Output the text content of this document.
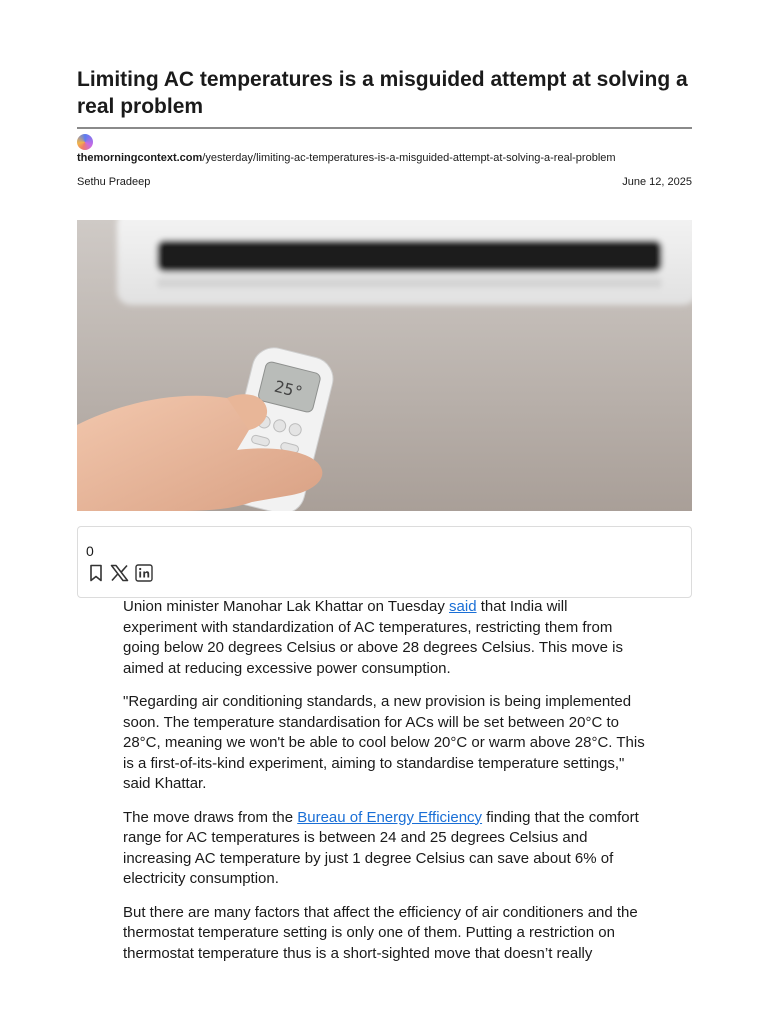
Limiting AC temperatures is a misguided attempt at solving a real problem
themorningcontext.com/yesterday/limiting-ac-temperatures-is-a-misguided-attempt-at-solving-a-real-problem
Sethu Pradeep	June 12, 2025
25°
0

Union minister Manohar Lak Khattar on Tuesday said that India will experiment with standardization of AC temperatures, restricting them from going below 20 degrees Celsius or above 28 degrees Celsius. This move is aimed at reducing excessive power consumption.

"Regarding air conditioning standards, a new provision is being implemented soon. The temperature standardisation for ACs will be set between 20°C to 28°C, meaning we won't be able to cool below 20°C or warm above 28°C. This is a first-of-its-kind experiment, aiming to standardise temperature settings," said Khattar.

The move draws from the Bureau of Energy Efficiency finding that the comfort range for AC temperatures is between 24 and 25 degrees Celsius and increasing AC temperature by just 1 degree Celsius can save about 6% of electricity consumption.

But there are many factors that affect the efficiency of air conditioners and the thermostat temperature setting is only one of them. Putting a restriction on thermostat temperature thus is a short-sighted move that doesn’t really
